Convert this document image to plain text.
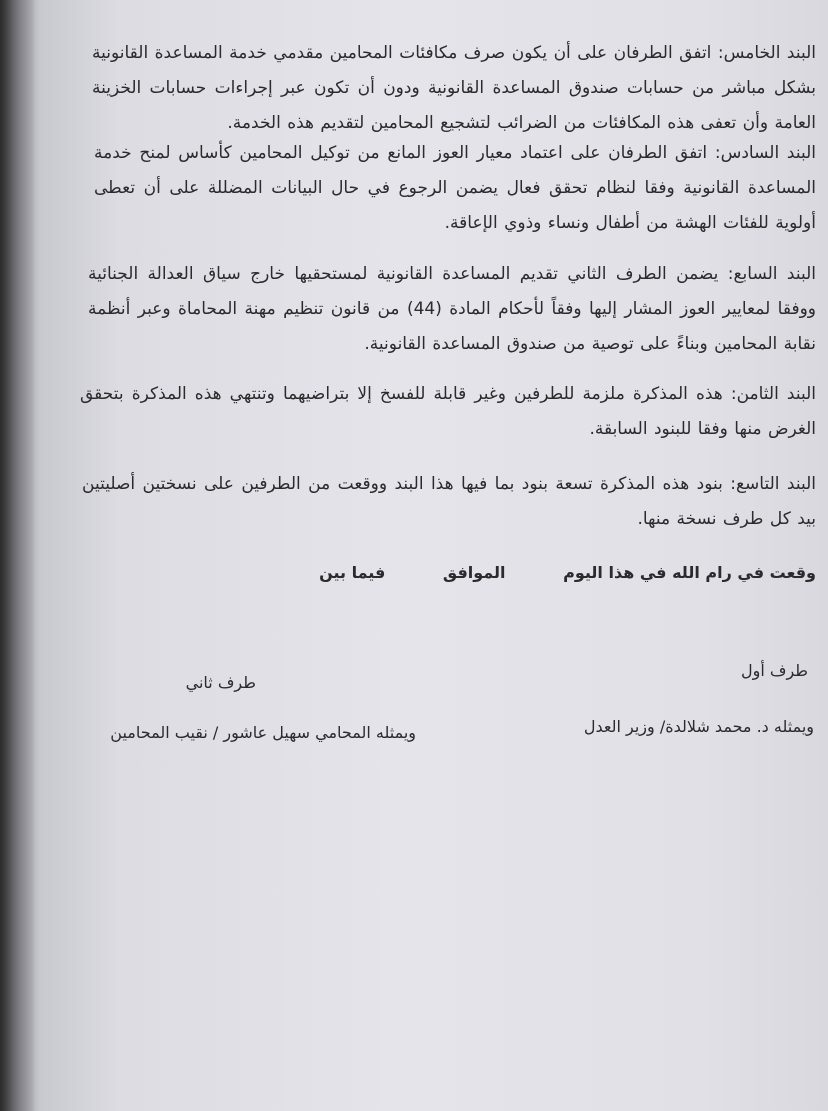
البند الخامس: اتفق الطرفان على أن يكون صرف مكافئات المحامين مقدمي خدمة المساعدة القانونية بشكل مباشر من حسابات صندوق المساعدة القانونية ودون أن تكون عبر إجراءات حسابات الخزينة العامة وأن تعفى هذه المكافئات من الضرائب لتشجيع المحامين لتقديم هذه الخدمة.
البند السادس: اتفق الطرفان على اعتماد معيار العوز المانع من توكيل المحامين كأساس لمنح خدمة المساعدة القانونية وفقا لنظام تحقق فعال يضمن الرجوع في حال البيانات المضللة على أن تعطى أولوية للفئات الهشة من أطفال ونساء وذوي الإعاقة.
البند السابع: يضمن الطرف الثاني تقديم المساعدة القانونية لمستحقيها خارج سياق العدالة الجنائية ووفقا لمعايير العوز المشار إليها وفقاً لأحكام المادة (44) من قانون تنظيم مهنة المحاماة وعبر أنظمة نقابة المحامين وبناءً على توصية من صندوق المساعدة القانونية.
البند الثامن: هذه المذكرة ملزمة للطرفين وغير قابلة للفسخ إلا بتراضيهما وتنتهي هذه المذكرة بتحقق الغرض منها وفقا للبنود السابقة.
البند التاسع: بنود هذه المذكرة تسعة بنود بما فيها هذا البند ووقعت من الطرفين على نسختين أصليتين بيد كل طرف نسخة منها.
وقعت في رام الله في هذا اليوم الموافق فيما بين
طرف أول
ويمثله د. محمد شلالدة/ وزير العدل
طرف ثاني
ويمثله المحامي سهيل عاشور / نقيب المحامين
